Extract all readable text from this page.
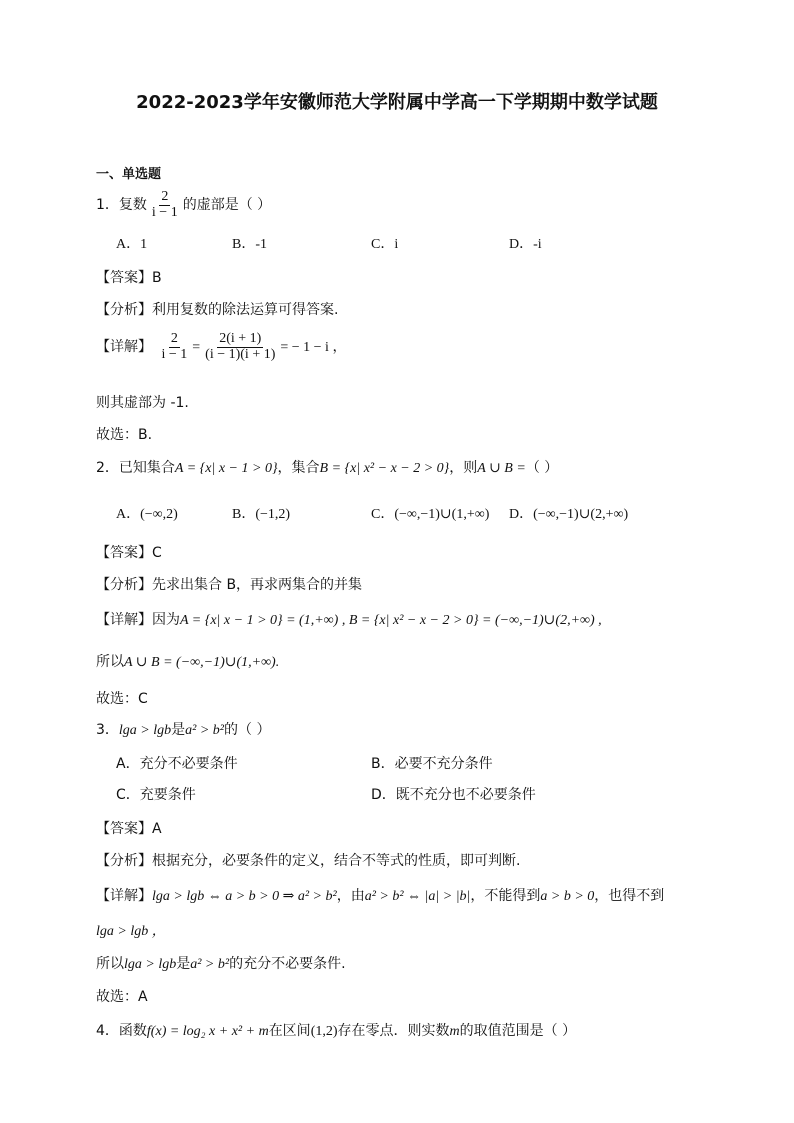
2022-2023学年安徽师范大学附属中学高一下学期期中数学试题
一、单选题
1．复数 $\frac{2}{i - 1}$ 的虚部是（ ）
A．1	B．-1	C．i	D．-i
【答案】B
【分析】利用复数的除法运算可得答案.
【详解】 $\frac{2}{i - 1} = \frac{2(i + 1)}{(i - 1)(i + 1)}$ = − 1 − i ，
则其虚部为 -1.
故选：B.
2．已知集合A = {x| x − 1 > 0}，集合B = {x| x² − x − 2 > 0}，则A ∪ B =（ ）
A．(−∞,2)	B．(−1,2)	C．(−∞,−1)∪(1,+∞) D．(−∞,−1)∪(2,+∞)
【答案】C
【分析】先求出集合 B，再求两集合的并集
【详解】因为A = {x| x − 1 > 0} = (1,+∞) , B = {x| x² − x − 2 > 0} = (−∞,−1)∪(2,+∞) ,
所以A ∪ B = (−∞,−1)∪(1,+∞).
故选：C
3．lga > lgb是a² > b²的（ ）
A．充分不必要条件	B．必要不充分条件
C．充要条件	D．既不充分也不必要条件
【答案】A
【分析】根据充分，必要条件的定义，结合不等式的性质，即可判断.
【详解】lga > lgb ⇔ a > b > 0 ⇒ a² > b²，由a² > b² ⇔ |a| > |b|，不能得到a > b > 0，也得不到
lga > lgb ，
所以lga > lgb是a² > b²的充分不必要条件.
故选：A
4．函数f(x) = log₂ x + x² + m在区间(1,2)存在零点．则实数m的取值范围是（ ）
